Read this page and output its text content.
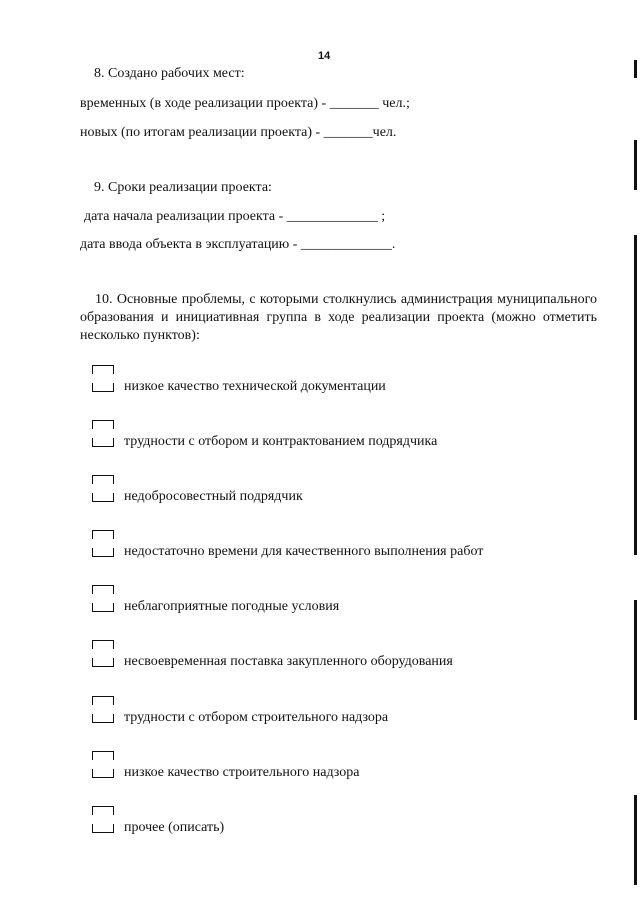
14
8. Создано рабочих мест:
временных (в ходе реализации проекта) - _______ чел.;
новых (по итогам реализации проекта) - _______чел.
9. Сроки реализации проекта:
дата начала реализации проекта - _____________ ;
дата ввода объекта в эксплуатацию - _____________.
10. Основные проблемы, с которыми столкнулись администрация муниципального образования и инициативная группа в ходе реализации проекта (можно отметить несколько пунктов):
низкое качество технической документации
трудности с отбором и контрактованием подрядчика
недобросовестный подрядчик
недостаточно времени для качественного выполнения работ
неблагоприятные погодные условия
несвоевременная поставка закупленного оборудования
трудности с отбором строительного надзора
низкое качество строительного надзора
прочее (описать)
